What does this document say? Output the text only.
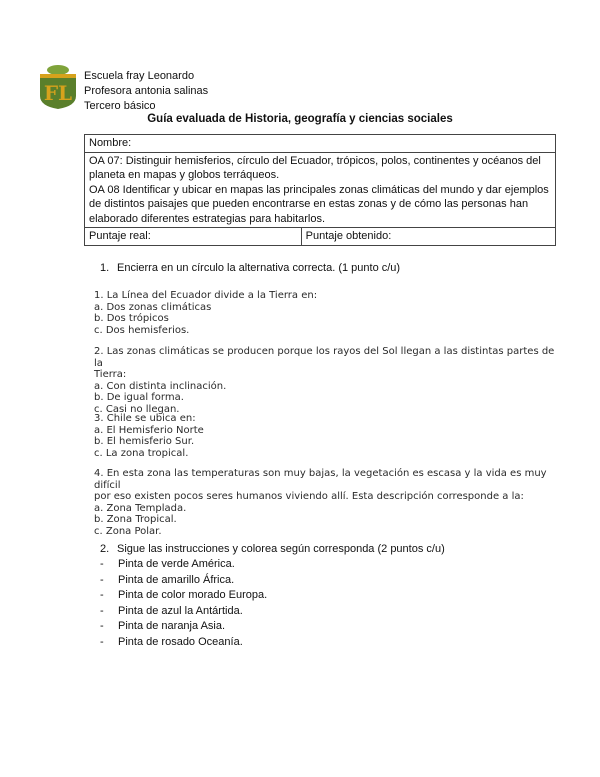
FL
Escuela fray Leonardo
Profesora antonia salinas
Tercero básico
Guía evaluada de Historia, geografía y ciencias sociales
Nombre:

OA 07: Distinguir hemisferios, círculo del Ecuador, trópicos, polos, continentes y océanos del planeta en mapas y globos terráqueos.
OA 08 Identificar y ubicar en mapas las principales zonas climáticas del mundo y dar ejemplos de distintos paisajes que pueden encontrarse en estas zonas y de cómo las personas han elaborado diferentes estrategias para habitarlos.

Puntaje real:	Puntaje obtenido:
1. Encierra en un círculo la alternativa correcta. (1 punto c/u)
1. La Línea del Ecuador divide a la Tierra en:
a. Dos zonas climáticas
b. Dos trópicos
c. Dos hemisferios.
2. Las zonas climáticas se producen porque los rayos del Sol llegan a las distintas partes de la
Tierra:
a. Con distinta inclinación.
b. De igual forma.
c. Casi no llegan.
3. Chile se ubica en:
a. El Hemisferio Norte
b. El hemisferio Sur.
c. La zona tropical.
4. En esta zona las temperaturas son muy bajas, la vegetación es escasa y la vida es muy difícil
por eso existen pocos seres humanos viviendo allí. Esta descripción corresponde a la:
a. Zona Templada.
b. Zona Tropical.
c. Zona Polar.
2. Sigue las instrucciones y colorea según corresponda (2 puntos c/u)
-	Pinta de verde América.
-	Pinta de amarillo África.
-	Pinta de color morado Europa.
-	Pinta de azul la Antártida.
-	Pinta de naranja Asia.
-	Pinta de rosado Oceanía.
